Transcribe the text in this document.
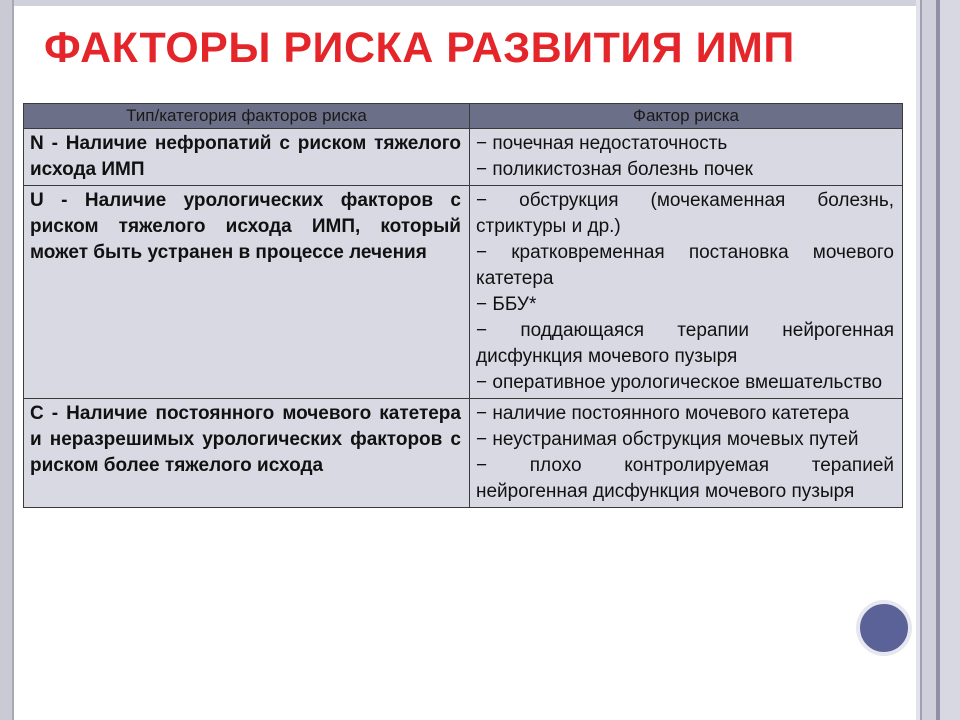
ФАКТОРЫ РИСКА РАЗВИТИЯ ИМП
Тип/категория факторов риска	Фактор риска
N - Наличие нефропатий с риском тяжелого исхода ИМП	− почечная недостаточность
− поликистозная болезнь почек

U - Наличие урологических факторов с риском тяжелого исхода ИМП, который может быть устранен в процессе лечения	− обструкция (мочекаменная болезнь, стриктуры и др.)
− кратковременная постановка мочевого катетера
− ББУ*
− поддающаяся терапии нейрогенная дисфункция мочевого пузыря
− оперативное урологическое вмешательство

C - Наличие постоянного мочевого катетера и неразрешимых урологических факторов с риском более тяжелого исхода	− наличие постоянного мочевого катетера
− неустранимая обструкция мочевых путей
− плохо контролируемая терапией нейрогенная дисфункция мочевого пузыря
